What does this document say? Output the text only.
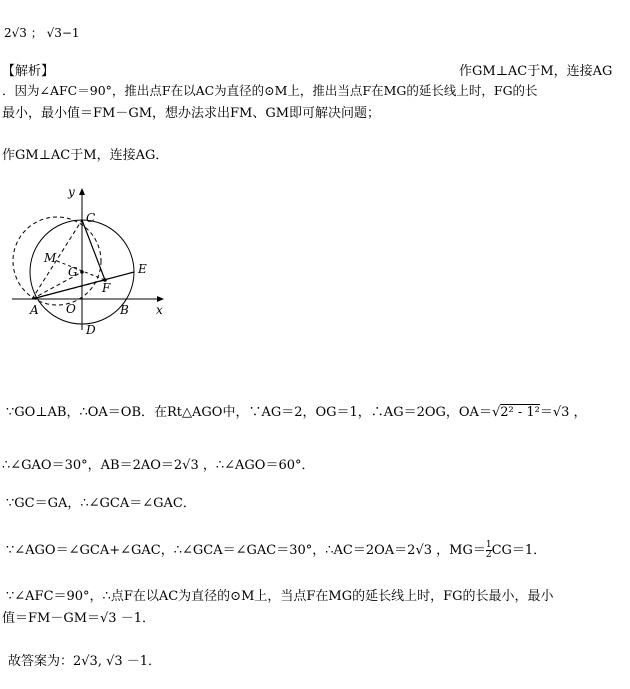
2√3 ； √3−1
【解析】	作GM⊥AC于M，连接AG
．因为∠AFC＝90°，推出点F在以AC为直径的⊙M上，推出当点F在MG的延长线上时，FG的长
最小，最小值＝FM－GM，想办法求出FM、GM即可解决问题；
作GM⊥AC于M，连接AG．
y
x
C
M
G	E
F
A O	B
D
∵GO⊥AB，∴OA＝OB．在Rt△AGO中，∵AG＝2，OG＝1，∴AG＝2OG，OA＝√2² - 1²＝√3 ，
∴∠GAO＝30°，AB＝2AO＝2√3 ，∴∠AGO＝60°．
∵GC＝GA，∴∠GCA＝∠GAC．
∵∠AGO＝∠GCA+∠GAC，∴∠GCA＝∠GAC＝30°，∴AC＝2OA＝2√3 ，$MG= \frac{1}{2} CG=1$．
∵∠AFC＝90°，∴点F在以AC为直径的⊙M上，当点F在MG的延长线上时，FG的长最小，最小
值＝FM－GM＝√3 －1．
故答案为：2√3, √3 －1．
